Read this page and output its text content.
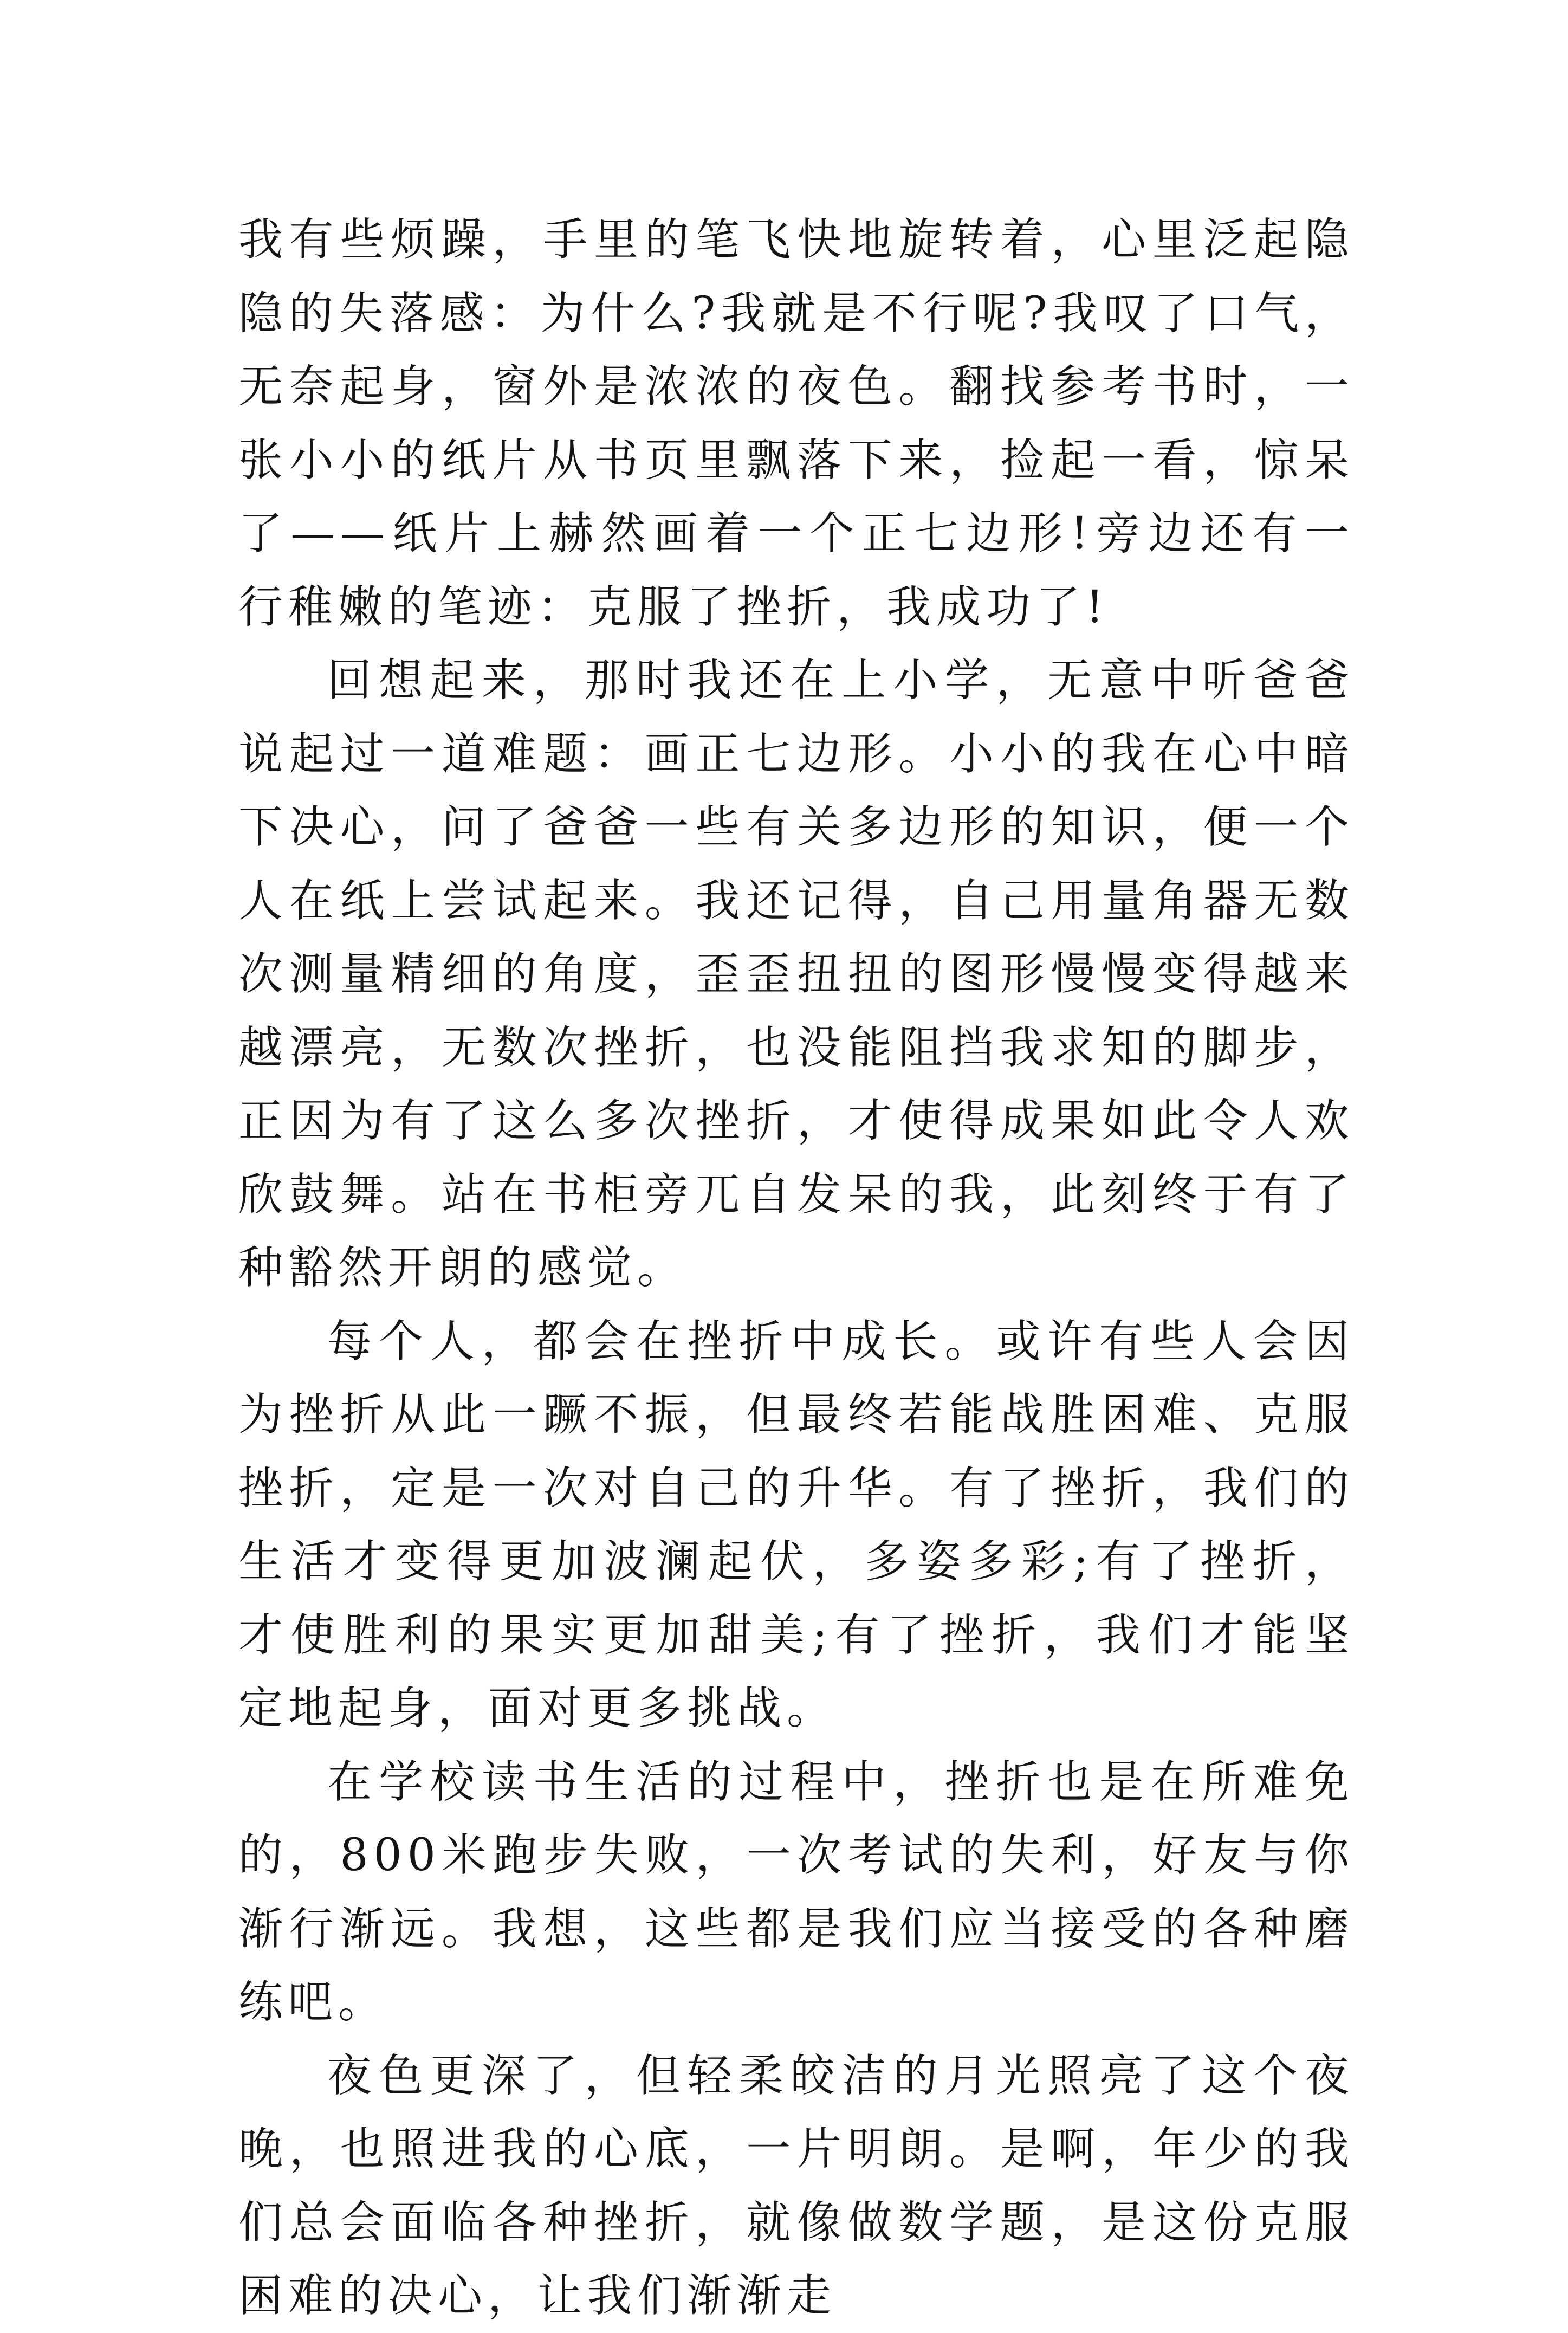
我有些烦躁，手里的笔飞快地旋转着，心里泛起隐隐的失落感：为什么?我就是不行呢?我叹了口气，无奈起身，窗外是浓浓的夜色。翻找参考书时，一张小小的纸片从书页里飘落下来，捡起一看，惊呆了——纸片上赫然画着一个正七边形!旁边还有一行稚嫩的笔迹：克服了挫折，我成功了!

回想起来，那时我还在上小学，无意中听爸爸说起过一道难题：画正七边形。小小的我在心中暗下决心，问了爸爸一些有关多边形的知识，便一个人在纸上尝试起来。我还记得，自己用量角器无数次测量精细的角度，歪歪扭扭的图形慢慢变得越来越漂亮，无数次挫折，也没能阻挡我求知的脚步，正因为有了这么多次挫折，才使得成果如此令人欢欣鼓舞。站在书柜旁兀自发呆的我，此刻终于有了种豁然开朗的感觉。

每个人，都会在挫折中成长。或许有些人会因为挫折从此一蹶不振，但最终若能战胜困难、克服挫折，定是一次对自己的升华。有了挫折，我们的生活才变得更加波澜起伏，多姿多彩;有了挫折，才使胜利的果实更加甜美;有了挫折，我们才能坚定地起身，面对更多挑战。

在学校读书生活的过程中，挫折也是在所难免的，800米跑步失败，一次考试的失利，好友与你渐行渐远。我想，这些都是我们应当接受的各种磨练吧。

夜色更深了，但轻柔皎洁的月光照亮了这个夜晚，也照进我的心底，一片明朗。是啊，年少的我们总会面临各种挫折，就像做数学题，是这份克服困难的决心，让我们渐渐走
